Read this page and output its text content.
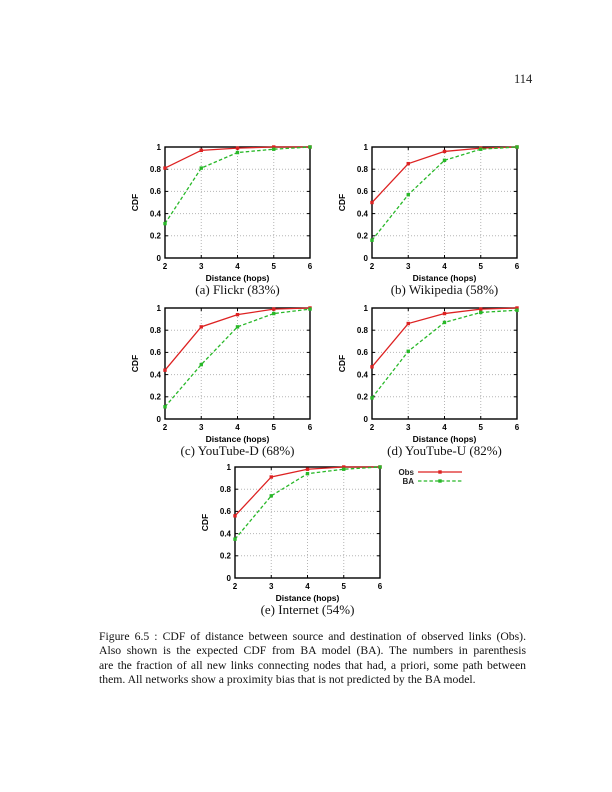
114
2	3	4	5	6
0
0.2
0.4
0.6
0.8
1
Distance (hops)
CDF
(a) Flickr (83%)
2	3	4	5	6
0
0.2
0.4
0.6
0.8
1
Distance (hops)
CDF
(b) Wikipedia (58%)
2	3	4	5	6
0
0.2
0.4
0.6
0.8
1
Distance (hops)
CDF
(c) YouTube-D (68%)
2	3	4	5	6
0
0.2
0.4
0.6
0.8
1
Distance (hops)
CDF
(d) YouTube-U (82%)
2	3	4	5	6
0
0.2
0.4
0.6
0.8
1
Distance (hops)
CDF
(e) Internet (54%)
Obs
BA
Figure 6.5 : CDF of distance between source and destination of observed links (Obs).
Also shown is the expected CDF from BA model (BA). The numbers in parenthesis
are the fraction of all new links connecting nodes that had, a priori, some path between
them. All networks show a proximity bias that is not predicted by the BA model.
